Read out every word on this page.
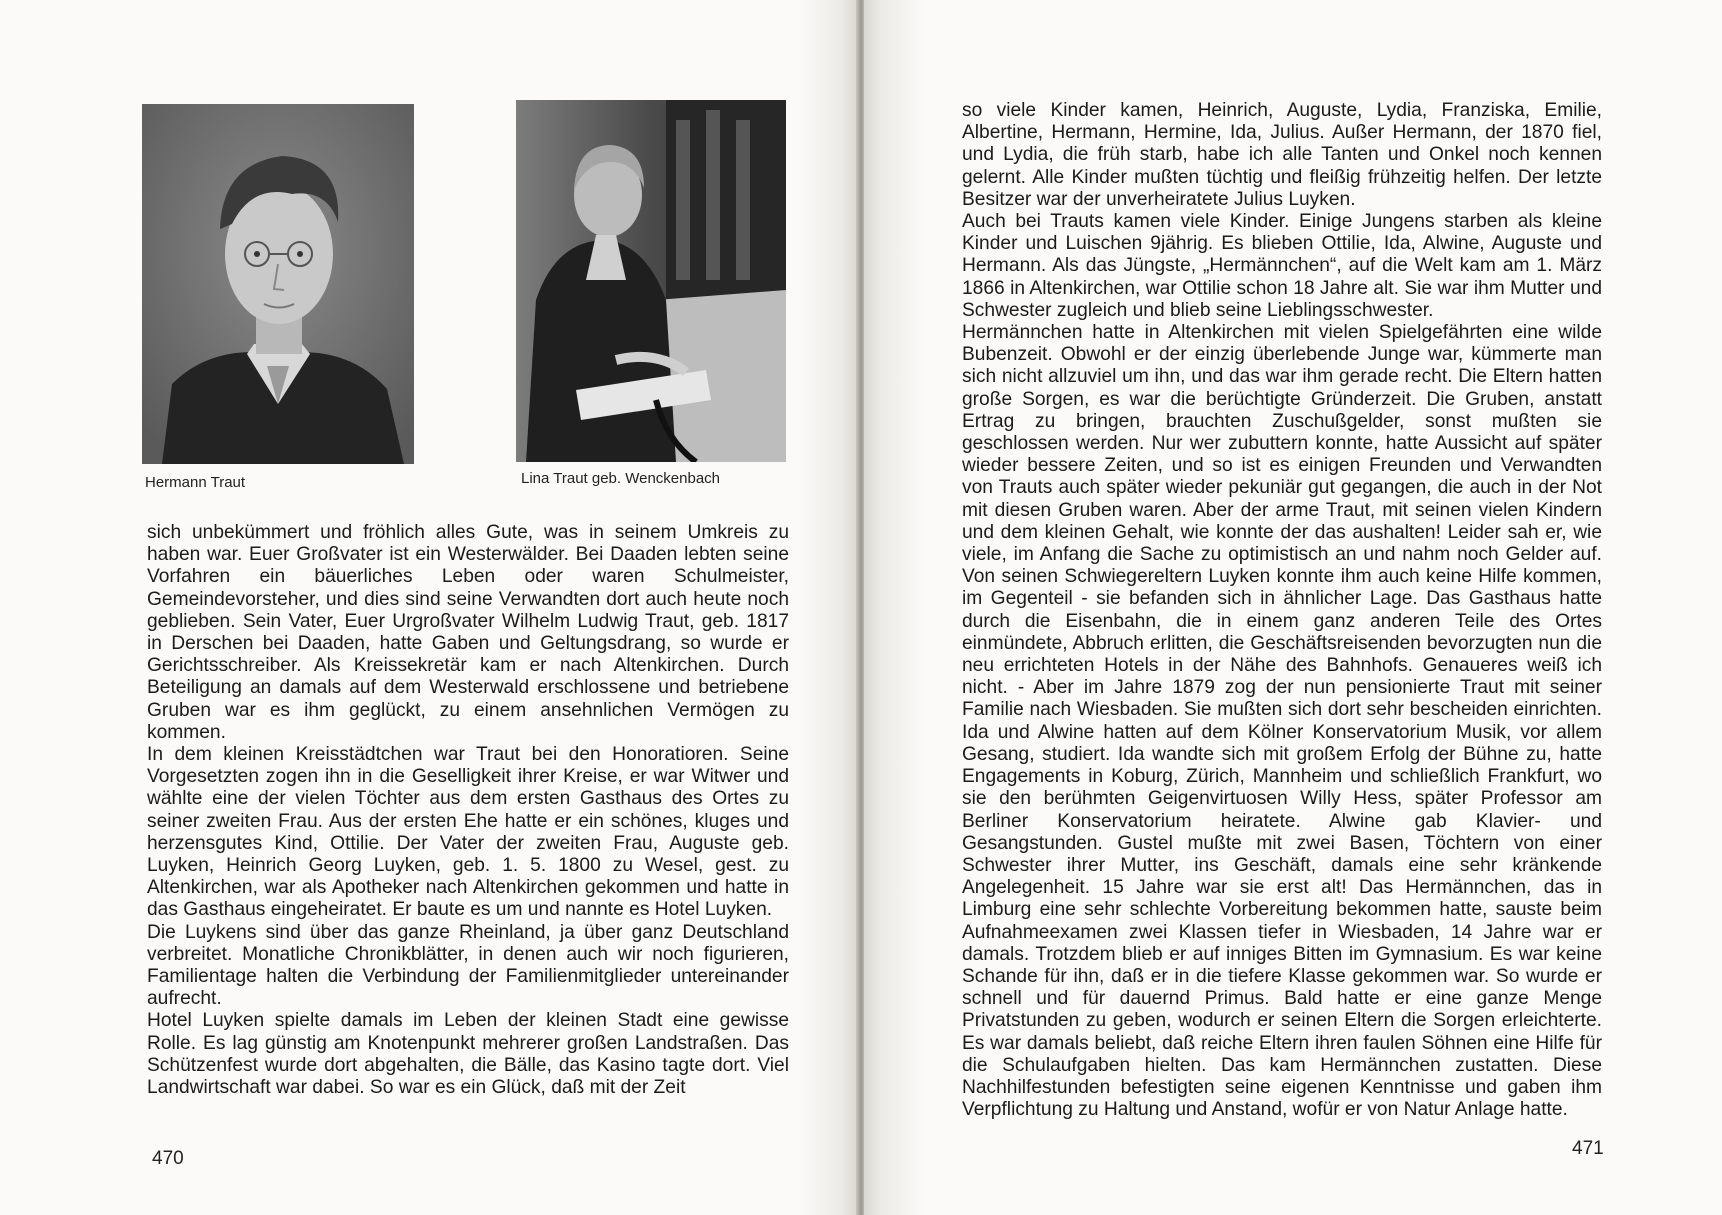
Hermann Traut	Lina Traut geb. Wenckenbach

sich unbekümmert und fröhlich alles Gute, was in seinem Umkreis zu haben war. Euer Großvater ist ein Westerwälder. Bei Daaden lebten seine Vorfahren ein bäuerliches Leben oder waren Schulmeister, Gemeindevorsteher, und dies sind seine Verwandten dort auch heute noch geblieben. Sein Vater, Euer Urgroßvater Wilhelm Ludwig Traut, geb. 1817 in Derschen bei Daaden, hatte Gaben und Geltungsdrang, so wurde er Gerichtsschreiber. Als Kreissekretär kam er nach Altenkirchen. Durch Beteiligung an damals auf dem Westerwald erschlossene und betriebene Gruben war es ihm geglückt, zu einem ansehnlichen Vermögen zu kommen.

In dem kleinen Kreisstädtchen war Traut bei den Honoratioren. Seine Vorgesetzten zogen ihn in die Geselligkeit ihrer Kreise, er war Witwer und wählte eine der vielen Töchter aus dem ersten Gasthaus des Ortes zu seiner zweiten Frau. Aus der ersten Ehe hatte er ein schönes, kluges und herzensgutes Kind, Ottilie. Der Vater der zweiten Frau, Auguste geb. Luyken, Heinrich Georg Luyken, geb. 1. 5. 1800 zu Wesel, gest. zu Altenkirchen, war als Apotheker nach Altenkirchen gekommen und hatte in das Gasthaus eingeheiratet. Er baute es um und nannte es Hotel Luyken.

Die Luykens sind über das ganze Rheinland, ja über ganz Deutschland verbreitet. Monatliche Chronikblätter, in denen auch wir noch figurieren, Familientage halten die Verbindung der Familienmitglieder untereinander aufrecht.

Hotel Luyken spielte damals im Leben der kleinen Stadt eine gewisse Rolle. Es lag günstig am Knotenpunkt mehrerer großen Landstraßen. Das Schützenfest wurde dort abgehalten, die Bälle, das Kasino tagte dort. Viel Landwirtschaft war dabei. So war es ein Glück, daß mit der Zeit

470

so viele Kinder kamen, Heinrich, Auguste, Lydia, Franziska, Emilie, Albertine, Hermann, Hermine, Ida, Julius. Außer Hermann, der 1870 fiel, und Lydia, die früh starb, habe ich alle Tanten und Onkel noch kennen gelernt. Alle Kinder mußten tüchtig und fleißig frühzeitig helfen. Der letzte Besitzer war der unverheiratete Julius Luyken.

Auch bei Trauts kamen viele Kinder. Einige Jungens starben als kleine Kinder und Luischen 9jährig. Es blieben Ottilie, Ida, Alwine, Auguste und Hermann. Als das Jüngste, „Hermännchen“, auf die Welt kam am 1. März 1866 in Altenkirchen, war Ottilie schon 18 Jahre alt. Sie war ihm Mutter und Schwester zugleich und blieb seine Lieblingsschwester.

Hermännchen hatte in Altenkirchen mit vielen Spielgefährten eine wilde Bubenzeit. Obwohl er der einzig überlebende Junge war, kümmerte man sich nicht allzuviel um ihn, und das war ihm gerade recht. Die Eltern hatten große Sorgen, es war die berüchtigte Gründerzeit. Die Gruben, anstatt Ertrag zu bringen, brauchten Zuschußgelder, sonst mußten sie geschlossen werden. Nur wer zubuttern konnte, hatte Aussicht auf später wieder bessere Zeiten, und so ist es einigen Freunden und Verwandten von Trauts auch später wieder pekuniär gut gegangen, die auch in der Not mit diesen Gruben waren. Aber der arme Traut, mit seinen vielen Kindern und dem kleinen Gehalt, wie konnte der das aushalten! Leider sah er, wie viele, im Anfang die Sache zu optimistisch an und nahm noch Gelder auf. Von seinen Schwiegereltern Luyken konnte ihm auch keine Hilfe kommen, im Gegenteil - sie befanden sich in ähnlicher Lage. Das Gasthaus hatte durch die Eisenbahn, die in einem ganz anderen Teile des Ortes einmündete, Abbruch erlitten, die Geschäftsreisenden bevorzugten nun die neu errichteten Hotels in der Nähe des Bahnhofs. Genaueres weiß ich nicht. - Aber im Jahre 1879 zog der nun pensionierte Traut mit seiner Familie nach Wiesbaden. Sie mußten sich dort sehr bescheiden einrichten. Ida und Alwine hatten auf dem Kölner Konservatorium Musik, vor allem Gesang, studiert. Ida wandte sich mit großem Erfolg der Bühne zu, hatte Engagements in Koburg, Zürich, Mannheim und schließlich Frankfurt, wo sie den berühmten Geigenvirtuosen Willy Hess, später Professor am Berliner Konservatorium heiratete. Alwine gab Klavier- und Gesangstunden. Gustel mußte mit zwei Basen, Töchtern von einer Schwester ihrer Mutter, ins Geschäft, damals eine sehr kränkende Angelegenheit. 15 Jahre war sie erst alt! Das Hermännchen, das in Limburg eine sehr schlechte Vorbereitung bekommen hatte, sauste beim Aufnahmeexamen zwei Klassen tiefer in Wiesbaden, 14 Jahre war er damals. Trotzdem blieb er auf inniges Bitten im Gymnasium. Es war keine Schande für ihn, daß er in die tiefere Klasse gekommen war. So wurde er schnell und für dauernd Primus. Bald hatte er eine ganze Menge Privatstunden zu geben, wodurch er seinen Eltern die Sorgen erleichterte. Es war damals beliebt, daß reiche Eltern ihren faulen Söhnen eine Hilfe für die Schulaufgaben hielten. Das kam Hermännchen zustatten. Diese Nachhilfestunden befestigten seine eigenen Kenntnisse und gaben ihm Verpflichtung zu Haltung und Anstand, wofür er von Natur Anlage hatte.

471
